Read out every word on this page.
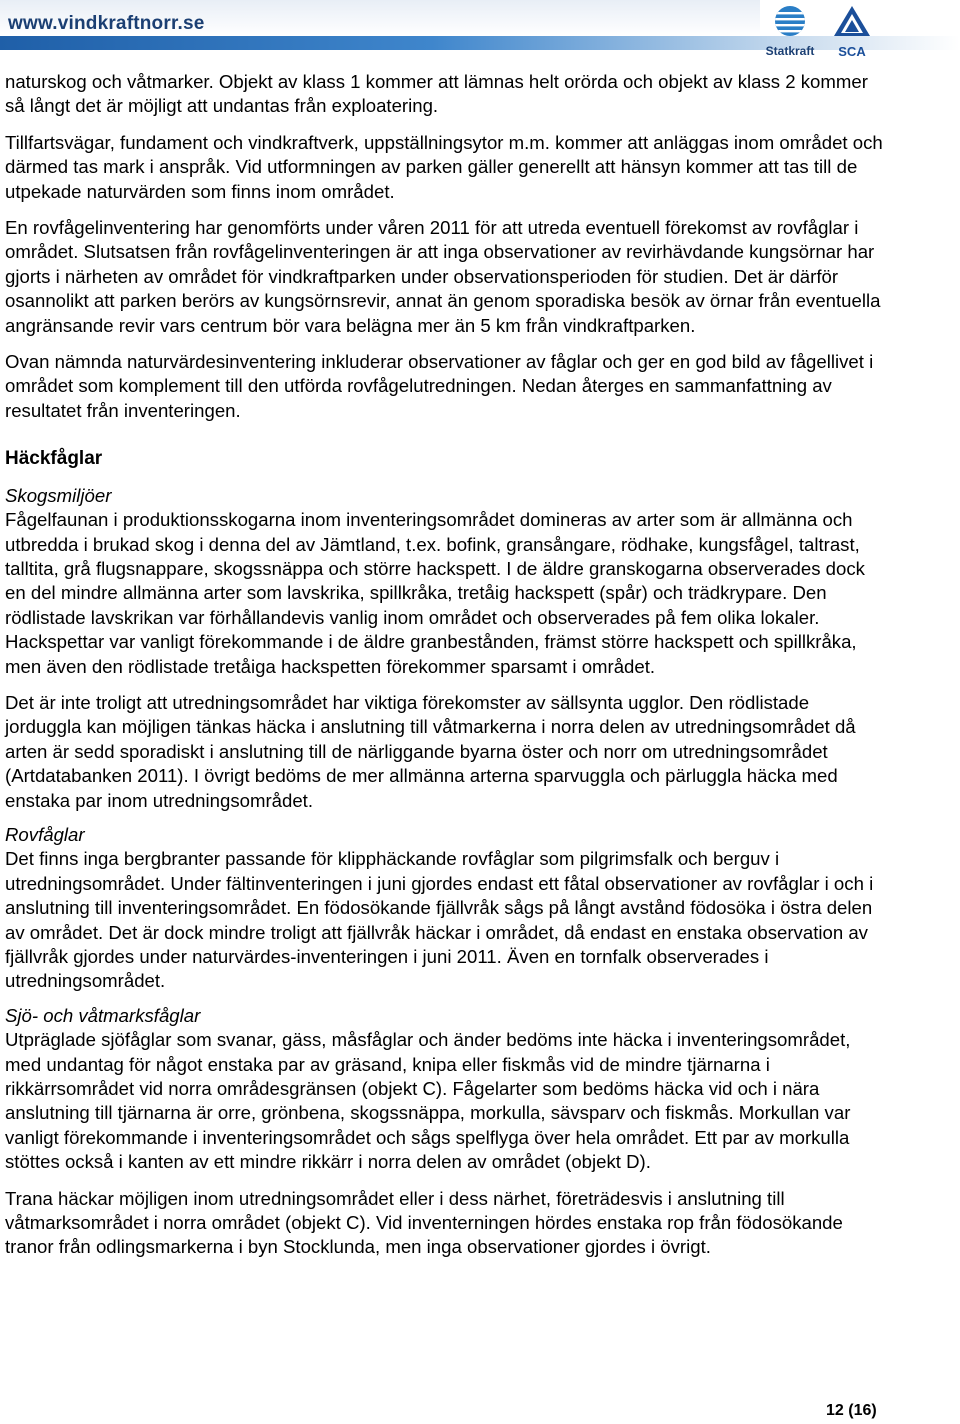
www.vindkraftnorr.se
Statkraft	SCA

naturskog och våtmarker. Objekt av klass 1 kommer att lämnas helt orörda och objekt av klass 2 kommer så långt det är möjligt att undantas från exploatering.

Tillfartsvägar, fundament och vindkraftverk, uppställningsytor m.m. kommer att anläggas inom området och därmed tas mark i anspråk. Vid utformningen av parken gäller generellt att hänsyn kommer att tas till de utpekade naturvärden som finns inom området.

En rovfågelinventering har genomförts under våren 2011 för att utreda eventuell förekomst av rovfåglar i området. Slutsatsen från rovfågelinventeringen är att inga observationer av revirhävdande kungsörnar har gjorts i närheten av området för vindkraftparken under observationsperioden för studien. Det är därför osannolikt att parken berörs av kungsörnsrevir, annat än genom sporadiska besök av örnar från eventuella angränsande revir vars centrum bör vara belägna mer än 5 km från vindkraftparken.

Ovan nämnda naturvärdesinventering inkluderar observationer av fåglar och ger en god bild av fågellivet i området som komplement till den utförda rovfågelutredningen. Nedan återges en sammanfattning av resultatet från inventeringen.

Häckfåglar

Skogsmiljöer

Fågelfaunan i produktionsskogarna inom inventeringsområdet domineras av arter som är allmänna och utbredda i brukad skog i denna del av Jämtland, t.ex. bofink, gransångare, rödhake, kungsfågel, taltrast, talltita, grå flugsnappare, skogssnäppa och större hackspett. I de äldre granskogarna observerades dock en del mindre allmänna arter som lavskrika, spillkråka, tretåig hackspett (spår) och trädkrypare. Den rödlistade lavskrikan var förhållandevis vanlig inom området och observerades på fem olika lokaler. Hackspettar var vanligt förekommande i de äldre granbestånden, främst större hackspett och spillkråka, men även den rödlistade tretåiga hackspetten förekommer sparsamt i området.

Det är inte troligt att utredningsområdet har viktiga förekomster av sällsynta ugglor. Den rödlistade jorduggla kan möjligen tänkas häcka i anslutning till våtmarkerna i norra delen av utredningsområdet då arten är sedd sporadiskt i anslutning till de närliggande byarna öster och norr om utredningsområdet (Artdatabanken 2011). I övrigt bedöms de mer allmänna arterna sparvuggla och pärluggla häcka med enstaka par inom utredningsområdet.

Rovfåglar

Det finns inga bergbranter passande för klipphäckande rovfåglar som pilgrimsfalk och berguv i utredningsområdet. Under fältinventeringen i juni gjordes endast ett fåtal observationer av rovfåglar i och i anslutning till inventeringsområdet. En födosökande fjällvråk sågs på långt avstånd födosöka i östra delen av området. Det är dock mindre troligt att fjällvråk häckar i området, då endast en enstaka observation av fjällvråk gjordes under naturvärdes-inventeringen i juni 2011. Även en tornfalk observerades i utredningsområdet.

Sjö- och våtmarksfåglar

Utpräglade sjöfåglar som svanar, gäss, måsfåglar och änder bedöms inte häcka i inventeringsområdet, med undantag för något enstaka par av gräsand, knipa eller fiskmås vid de mindre tjärnarna i rikkärrsområdet vid norra områdesgränsen (objekt C). Fågelarter som bedöms häcka vid och i nära anslutning till tjärnarna är orre, grönbena, skogssnäppa, morkulla, sävsparv och fiskmås. Morkullan var vanligt förekommande i inventeringsområdet och sågs spelflyga över hela området. Ett par av morkulla stöttes också i kanten av ett mindre rikkärr i norra delen av området (objekt D).

Trana häckar möjligen inom utredningsområdet eller i dess närhet, företrädesvis i anslutning till våtmarksområdet i norra området (objekt C). Vid inventerningen hördes enstaka rop från födosökande tranor från odlingsmarkerna i byn Stocklunda, men inga observationer gjordes i övrigt.

12 (16)
